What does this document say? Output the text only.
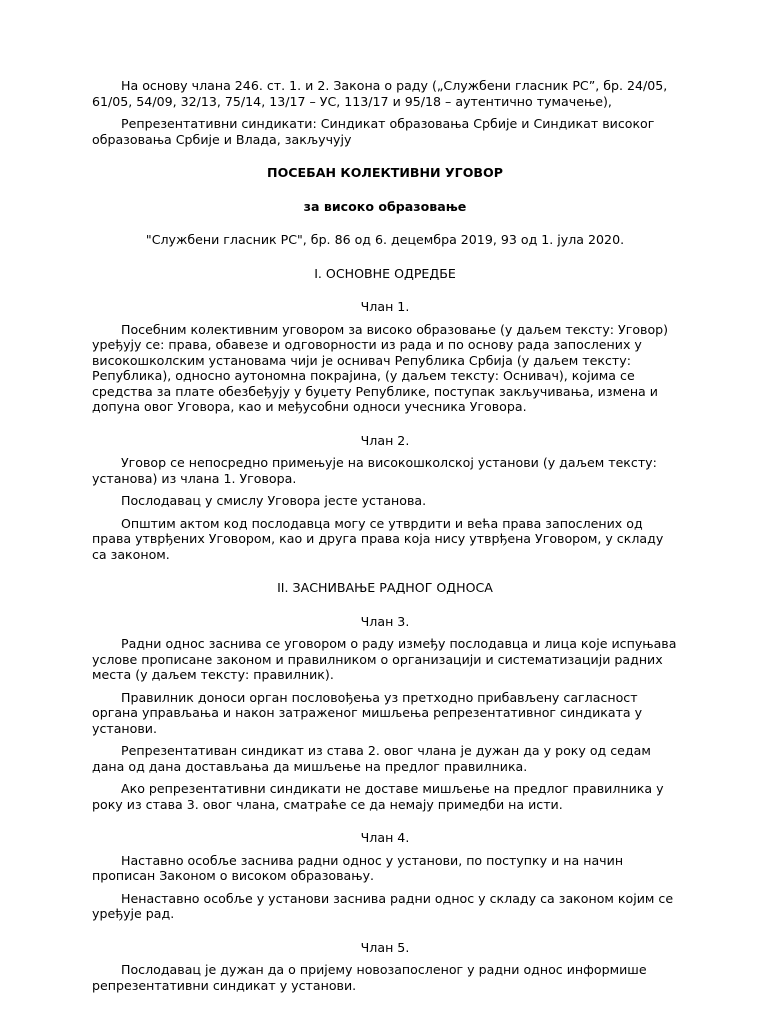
На основу члана 246. ст. 1. и 2. Закона о раду („Службени гласник РС”, бр. 24/05, 61/05, 54/09, 32/13, 75/14, 13/17 – УС, 113/17 и 95/18 – аутентично тумачење),

Репрезентативни синдикати: Синдикат образовања Србије и Синдикат високог образовања Србије и Влада, закључују

ПОСЕБАН КОЛЕКТИВНИ УГОВОР

за високо образовање

"Службени гласник РС", бр. 86 од 6. децембра 2019, 93 од 1. јула 2020.

I. ОСНОВНЕ ОДРЕДБЕ

Члан 1.

Посебним колективним уговором за високо образовање (у даљем тексту: Уговор) уређују се: права, обавезе и одговорности из рада и по основу рада запослених у високошколским установама чији је оснивач Република Србија (у даљем тексту: Република), односно аутономна покрајина, (у даљем тексту: Оснивач), којима се средства за плате обезбеђују у буџету Републике, поступак закључивања, измена и допуна овог Уговора, као и међусобни односи учесника Уговора.

Члан 2.

Уговор се непосредно примењује на високошколској установи (у даљем тексту: установа) из члана 1. Уговора.

Послодавац у смислу Уговора јесте установа.

Општим актом код послодавца могу се утврдити и већа права запослених од права утврђених Уговором, као и друга права која нису утврђена Уговором, у складу са законом.

II. ЗАСНИВАЊЕ РАДНОГ ОДНОСА

Члан 3.

Радни однос заснива се уговором о раду између послодавца и лица које испуњава услове прописане законом и правилником о организацији и систематизацији радних места (у даљем тексту: правилник).

Правилник доноси орган пословођења уз претходно прибављену сагласност органа управљања и након затраженог мишљења репрезентативног синдиката у установи.

Репрезентативан синдикат из става 2. овог члана је дужан да у року од седам дана од дана достављања да мишљење на предлог правилника.

Ако репрезентативни синдикати не доставе мишљење на предлог правилника у року из става 3. овог члана, сматраће се да немају примедби на исти.

Члан 4.

Наставно особље заснива радни однос у установи, по поступку и на начин прописан Законом о високом образовању.

Ненаставно особље у установи заснива радни однос у складу са законом којим се уређује рад.

Члан 5.

Послодавац је дужан да о пријему новозапосленог у радни однос информише репрезентативни синдикат у установи.
